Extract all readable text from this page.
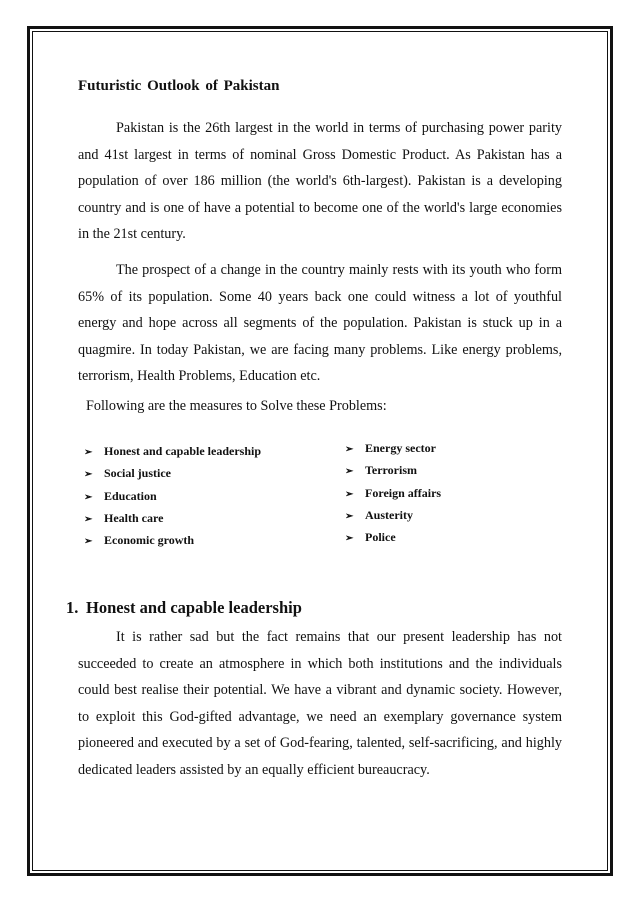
Futuristic Outlook of Pakistan

Pakistan is the 26th largest in the world in terms of purchasing power parity and 41st largest in terms of nominal Gross Domestic Product. As Pakistan has a population of over 186 million (the world's 6th-largest). Pakistan is a developing country and is one of have a potential to become one of the world's large economies in the 21st century.

The prospect of a change in the country mainly rests with its youth who form 65% of its population. Some 40 years back one could witness a lot of youthful energy and hope across all segments of the population. Pakistan is stuck up in a quagmire. In today Pakistan, we are facing many problems. Like energy problems, terrorism, Health Problems, Education etc.

Following are the measures to Solve these Problems:
➢ Honest and capable leadership
➢ Social justice
➢ Education
➢ Health care
➢ Economic growth
➢ Energy sector
➢ Terrorism
➢ Foreign affairs
➢ Austerity
➢ Police
1. Honest and capable leadership

It is rather sad but the fact remains that our present leadership has not succeeded to create an atmosphere in which both institutions and the individuals could best realise their potential. We have a vibrant and dynamic society. However, to exploit this God-gifted advantage, we need an exemplary governance system pioneered and executed by a set of God-fearing, talented, self-sacrificing, and highly dedicated leaders assisted by an equally efficient bureaucracy.
